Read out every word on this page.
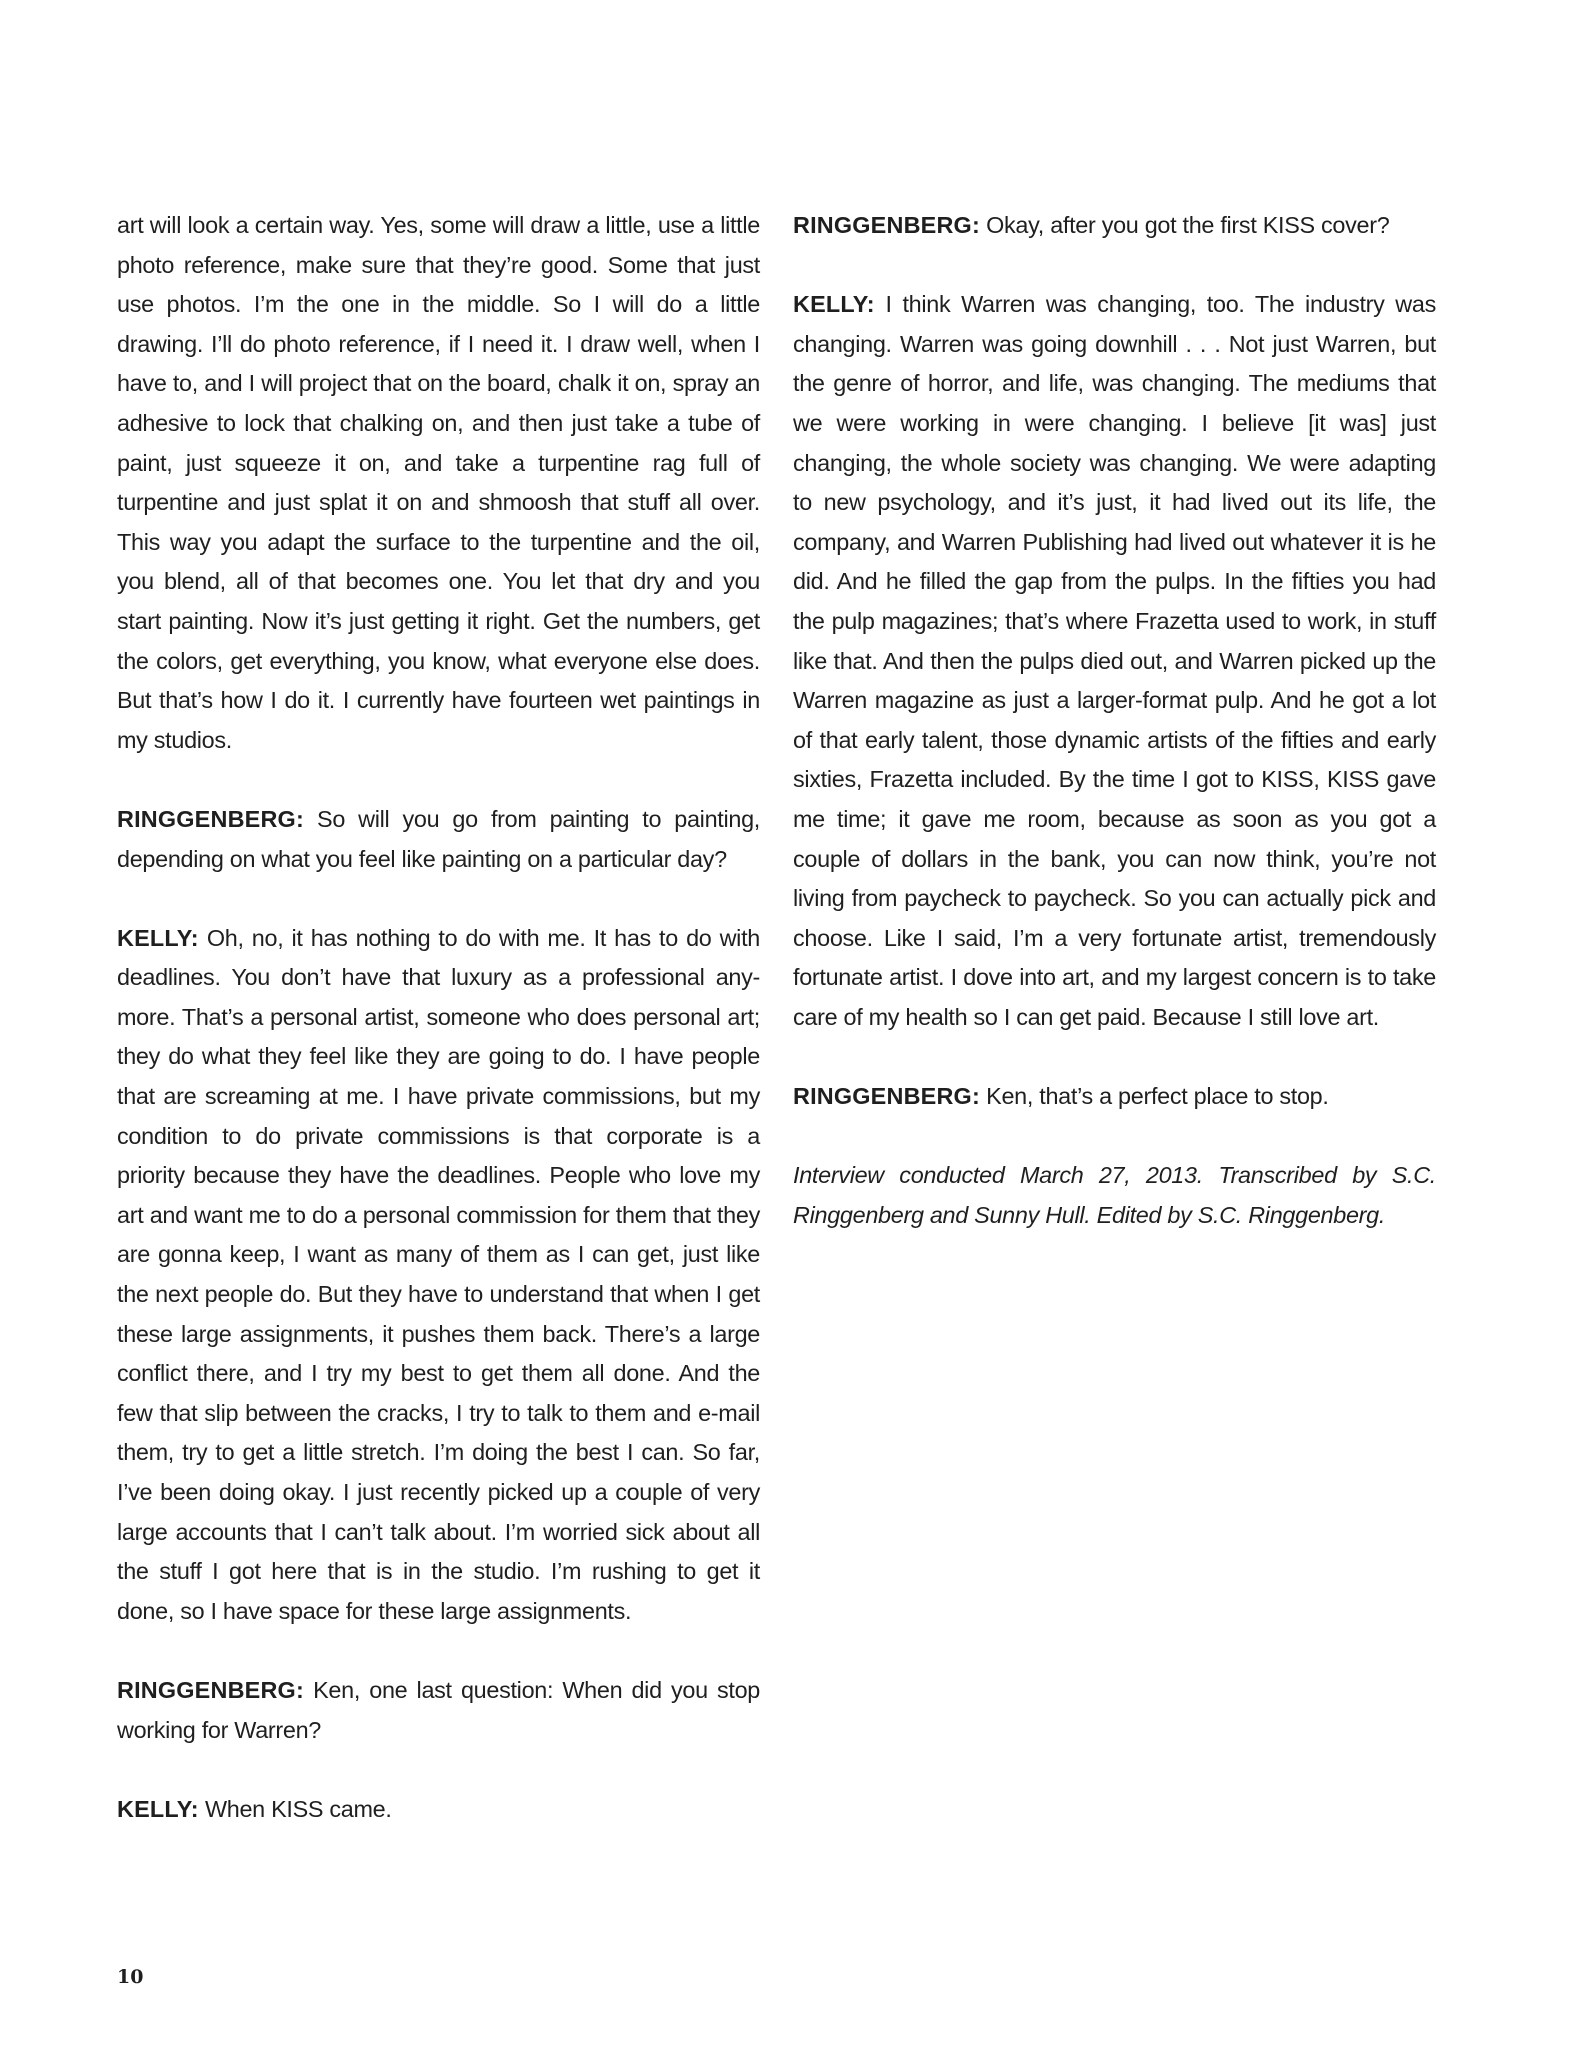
art will look a certain way. Yes, some will draw a little, use a little photo reference, make sure that they’re good. Some that just use photos. I’m the one in the middle. So I will do a little drawing. I’ll do photo reference, if I need it. I draw well, when I have to, and I will project that on the board, chalk it on, spray an adhesive to lock that chalking on, and then just take a tube of paint, just squeeze it on, and take a turpentine rag full of turpentine and just splat it on and shmoosh that stuff all over. This way you adapt the surface to the turpentine and the oil, you blend, all of that becomes one. You let that dry and you start painting. Now it’s just getting it right. Get the numbers, get the colors, get everything, you know, what everyone else does. But that’s how I do it. I currently have fourteen wet paintings in my studios.

RINGGENBERG: So will you go from painting to painting, depending on what you feel like painting on a particular day?

KELLY: Oh, no, it has nothing to do with me. It has to do with deadlines. You don’t have that luxury as a professional any-more. That’s a personal artist, someone who does personal art; they do what they feel like they are going to do. I have people that are screaming at me. I have private commissions, but my condition to do private commissions is that corporate is a priority because they have the deadlines. People who love my art and want me to do a personal commission for them that they are gonna keep, I want as many of them as I can get, just like the next people do. But they have to understand that when I get these large assignments, it pushes them back. There’s a large conflict there, and I try my best to get them all done. And the few that slip between the cracks, I try to talk to them and e-mail them, try to get a little stretch. I’m doing the best I can. So far, I’ve been doing okay. I just recently picked up a couple of very large accounts that I can’t talk about. I’m worried sick about all the stuff I got here that is in the studio. I’m rushing to get it done, so I have space for these large assignments.

RINGGENBERG: Ken, one last question: When did you stop working for Warren?

KELLY: When KISS came.

RINGGENBERG: Okay, after you got the first KISS cover?

KELLY: I think Warren was changing, too. The industry was changing. Warren was going downhill . . . Not just Warren, but the genre of horror, and life, was changing. The mediums that we were working in were changing. I believe [it was] just changing, the whole society was changing. We were adapting to new psychology, and it’s just, it had lived out its life, the company, and Warren Publishing had lived out whatever it is he did. And he filled the gap from the pulps. In the fifties you had the pulp magazines; that’s where Frazetta used to work, in stuff like that. And then the pulps died out, and Warren picked up the Warren magazine as just a larger-format pulp. And he got a lot of that early talent, those dynamic artists of the fifties and early sixties, Frazetta included. By the time I got to KISS, KISS gave me time; it gave me room, because as soon as you got a couple of dollars in the bank, you can now think, you’re not living from paycheck to paycheck. So you can actually pick and choose. Like I said, I’m a very fortunate artist, tremendously fortunate artist. I dove into art, and my largest concern is to take care of my health so I can get paid. Because I still love art.

RINGGENBERG: Ken, that’s a perfect place to stop.

Interview conducted March 27, 2013. Transcribed by S.C. Ringgenberg and Sunny Hull. Edited by S.C. Ringgenberg.

10
